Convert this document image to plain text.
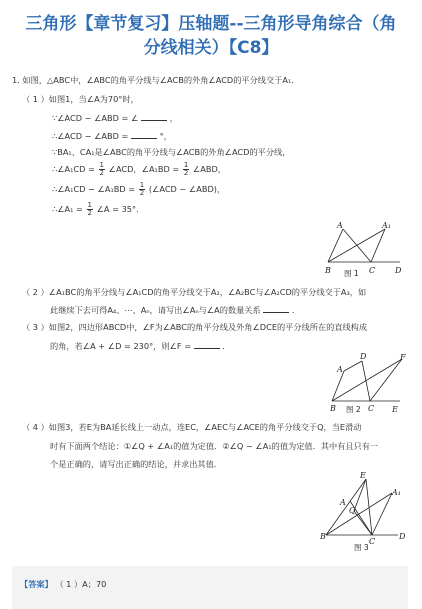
三角形【章节复习】压轴题--三角形导角综合（角
分线相关）【C8】
1. 如图，△ABC中，∠ABC的角平分线与∠ACB的外角∠ACD的平分线交于A₁．
（ 1 ）如图1，当∠A为70°时，
∵∠ACD − ∠ABD = ∠	，
∴∠ACD − ∠ABD =	°，
∵BA₁、CA₁是∠ABC的角平分线与∠ACB的外角∠ACD的平分线，
∴∠A₁CD = $\frac{1}{2}$ ∠ACD，∠A₁BD = $\frac{1}{2}$ ∠ABD，
∴∠A₁CD − ∠A₁BD = $\frac{1}{2}$ (∠ACD − ∠ABD)，
∴∠A₁ = $\frac{1}{2}$ ∠A = 35°．
A	A₁
B	C D
图 1
（ 2 ）∠A₁BC的角平分线与∠A₁CD的角平分线交于A₂，∠A₂BC与∠A₂CD的平分线交于A₃，如
此继续下去可得A₄、⋯、Aₙ，请写出∠Aₙ与∠A的数量关系	．
（ 3 ）如图2，四边形ABCD中，∠F为∠ABC的角平分线及外角∠DCE的平分线所在的直线构成
的角，若∠A + ∠D = 230°，则∠F =	．
A
D	F
B	C E
图 2
（ 4 ）如图3，若E为BA延长线上一动点，连EC，∠AEC与∠ACE的角平分线交于Q，当E滑动
时有下面两个结论：①∠Q + ∠A₁的值为定值．②∠Q − ∠A₁的值为定值．其中有且只有一
个是正确的，请写出正确的结论，并求出其值．
E
A
Q
A₁
B
C
D
图 3
【答案】 （ 1 ）A；70
